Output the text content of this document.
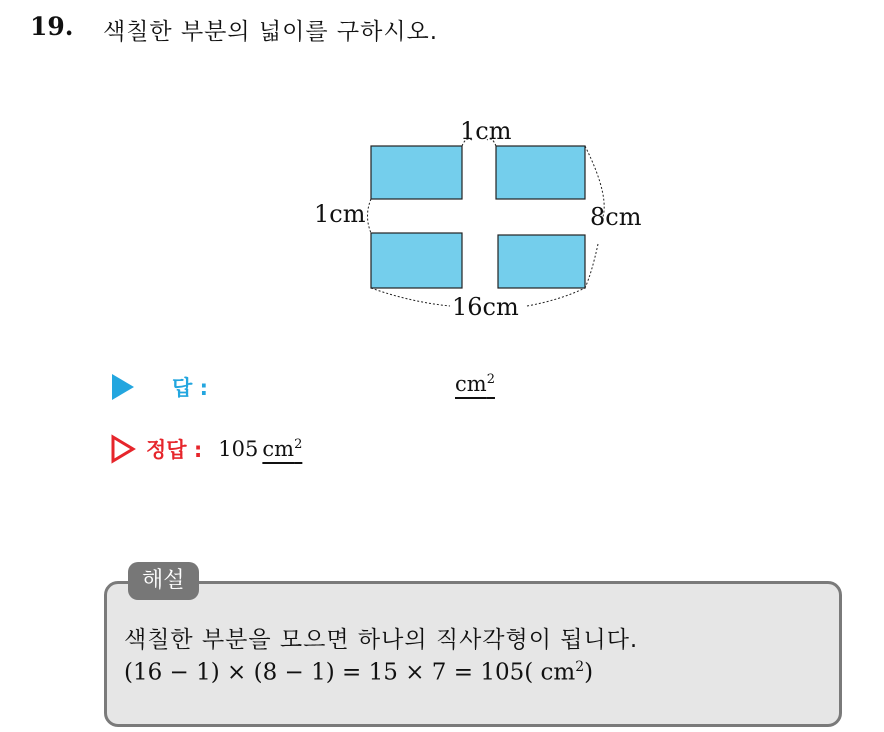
19. 색칠한 부분의 넓이를 구하시오.
1cm
1cm	8cm
16cm
답 :	$cm^2$
정답 : 105 $cm^2$
해설
색칠한 부분을 모으면 하나의 직사각형이 됩니다.
(16 − 1) × (8 − 1) = 15 × 7 = 105( $cm^2$)
